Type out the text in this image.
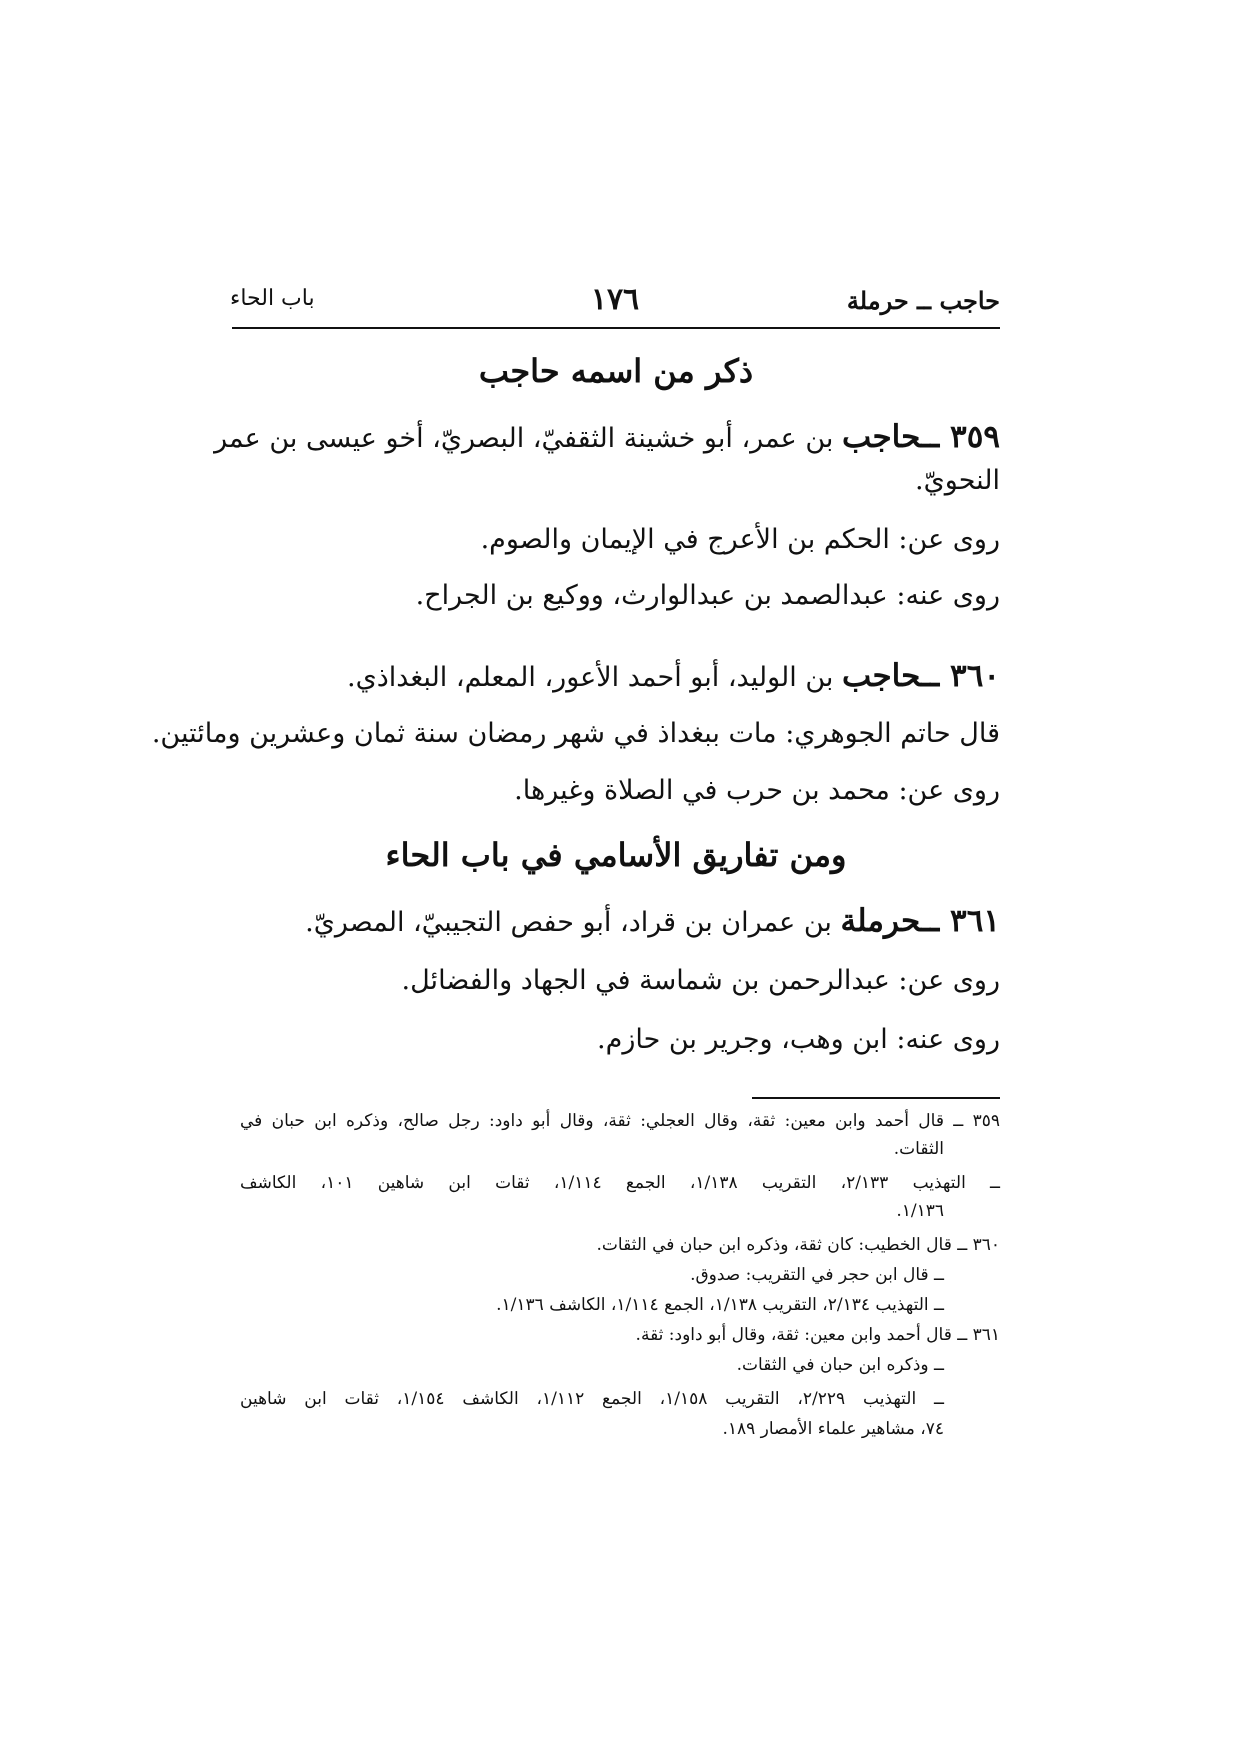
حاجب ــ حرملة
١٧٦
باب الحاء
ذكر من اسمه حاجب
٣٥٩ ــحاجب بن عمر، أبو خشينة الثقفيّ، البصريّ، أخو عيسى بن عمر
النحويّ.
روى عن: الحكم بن الأعرج في الإيمان والصوم.
روى عنه: عبدالصمد بن عبدالوارث، ووكيع بن الجراح.
٣٦٠ ــحاجب بن الوليد، أبو أحمد الأعور، المعلم، البغداذي.
قال حاتم الجوهري: مات ببغداذ في شهر رمضان سنة ثمان وعشرين ومائتين.
روى عن: محمد بن حرب في الصلاة وغيرها.
ومن تفاريق الأسامي في باب الحاء
٣٦١ ــحرملة بن عمران بن قراد، أبو حفص التجيبيّ، المصريّ.
روى عن: عبدالرحمن بن شماسة في الجهاد والفضائل.
روى عنه: ابن وهب، وجرير بن حازم.
٣٥٩ ــ قال أحمد وابن معين: ثقة، وقال العجلي: ثقة، وقال أبو داود: رجل صالح، وذكره ابن حبان في
الثقات.
ــ التهذيب ٢/١٣٣، التقريب ١/١٣٨، الجمع ١/١١٤، ثقات ابن شاهين ١٠١، الكاشف
١/١٣٦.
٣٦٠ ــ قال الخطيب: كان ثقة، وذكره ابن حبان في الثقات.
ــ قال ابن حجر في التقريب: صدوق.
ــ التهذيب ٢/١٣٤، التقريب ١/١٣٨، الجمع ١/١١٤، الكاشف ١/١٣٦.
٣٦١ ــ قال أحمد وابن معين: ثقة، وقال أبو داود: ثقة.
ــ وذكره ابن حبان في الثقات.
ــ التهذيب ٢/٢٢٩، التقريب ١/١٥٨، الجمع ١/١١٢، الكاشف ١/١٥٤، ثقات ابن شاهين
٧٤، مشاهير علماء الأمصار ١٨٩.
